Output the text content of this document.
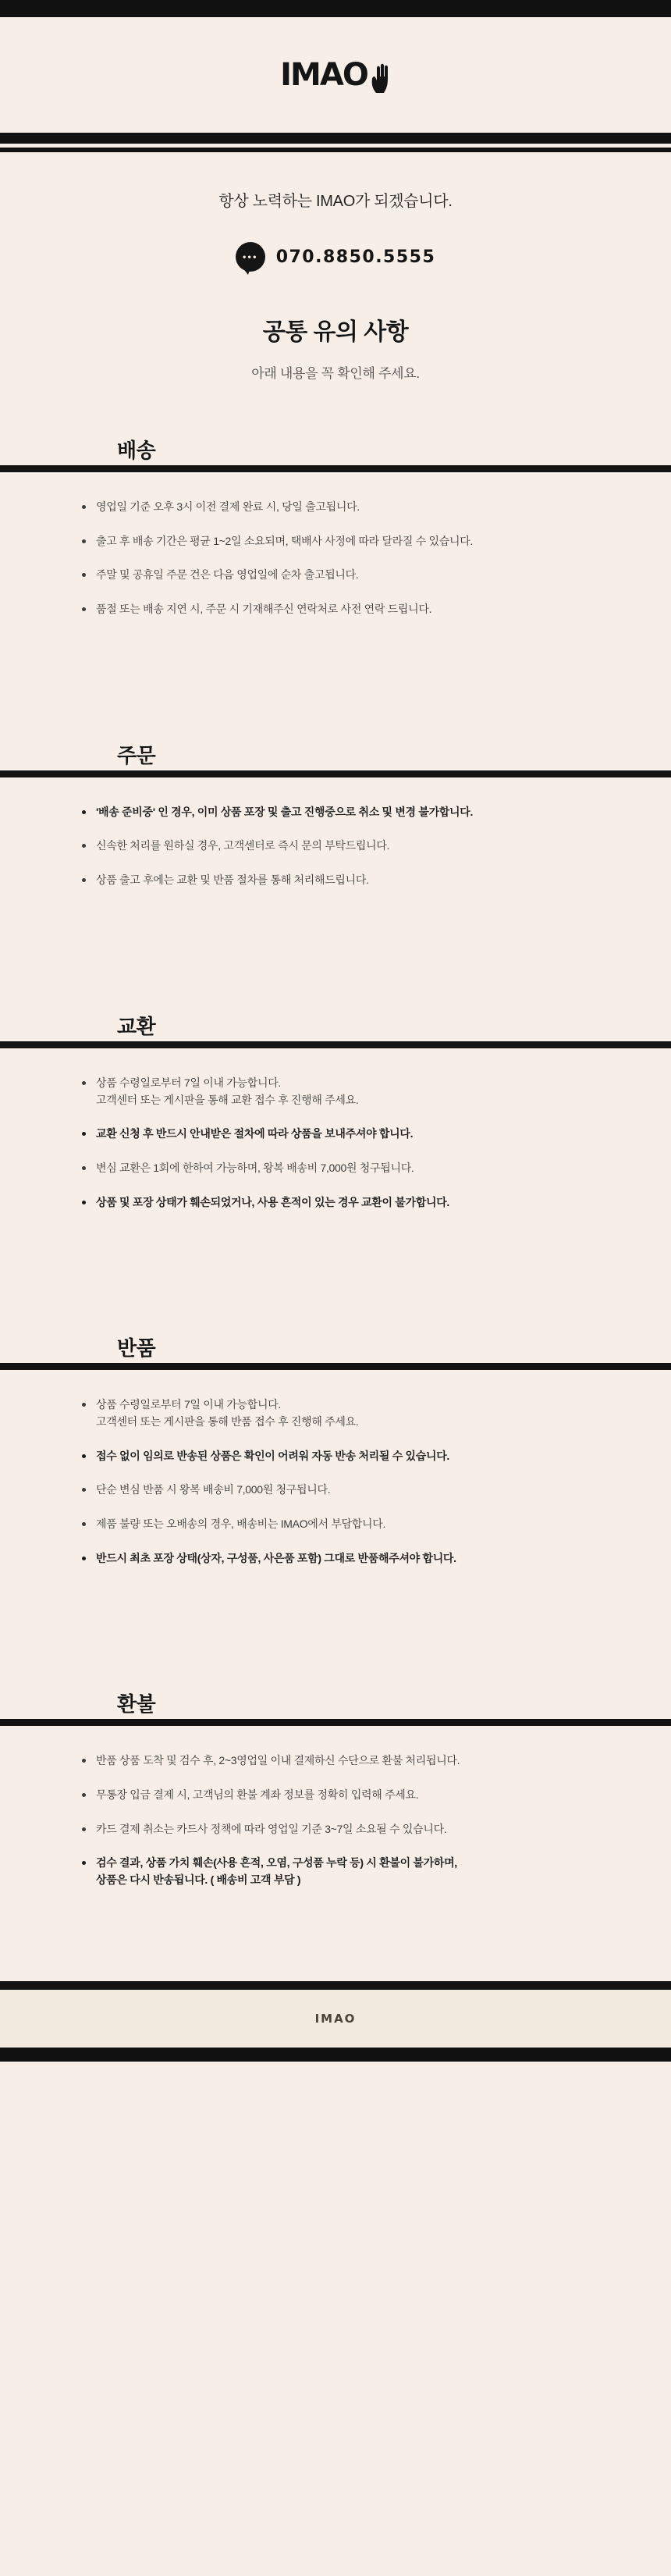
IMAO
항상 노력하는 IMAO가 되겠습니다.
•••	070.8850.5555
공통 유의 사항
아래 내용을 꼭 확인해 주세요.
배송
영업일 기준 오후 3시 이전 결제 완료 시, 당일 출고됩니다.
출고 후 배송 기간은 평균 1~2일 소요되며, 택배사 사정에 따라 달라질 수 있습니다.
주말 및 공휴일 주문 건은 다음 영업일에 순차 출고됩니다.
품절 또는 배송 지연 시, 주문 시 기재해주신 연락처로 사전 연락 드립니다.
주문
'배송 준비중' 인 경우, 이미 상품 포장 및 출고 진행중으로 취소 및 변경 불가합니다.
신속한 처리를 원하실 경우, 고객센터로 즉시 문의 부탁드립니다.
상품 출고 후에는 교환 및 반품 절차를 통해 처리해드립니다.
교환
상품 수령일로부터 7일 이내 가능합니다.
고객센터 또는 게시판을 통해 교환 접수 후 진행해 주세요.
교환 신청 후 반드시 안내받은 절차에 따라 상품을 보내주셔야 합니다.
변심 교환은 1회에 한하여 가능하며, 왕복 배송비 7,000원 청구됩니다.
상품 및 포장 상태가 훼손되었거나, 사용 흔적이 있는 경우 교환이 불가합니다.
반품
상품 수령일로부터 7일 이내 가능합니다.
고객센터 또는 게시판을 통해 반품 접수 후 진행해 주세요.
접수 없이 임의로 반송된 상품은 확인이 어려워 자동 반송 처리될 수 있습니다.
단순 변심 반품 시 왕복 배송비 7,000원 청구됩니다.
제품 불량 또는 오배송의 경우, 배송비는 IMAO에서 부담합니다.
반드시 최초 포장 상태(상자, 구성품, 사은품 포함) 그대로 반품해주셔야 합니다.
환불
반품 상품 도착 및 검수 후, 2~3영업일 이내 결제하신 수단으로 환불 처리됩니다.
무통장 입금 결제 시, 고객님의 환불 계좌 정보를 정확히 입력해 주세요.
카드 결제 취소는 카드사 정책에 따라 영업일 기준 3~7일 소요될 수 있습니다.
검수 결과, 상품 가치 훼손(사용 흔적, 오염, 구성품 누락 등) 시 환불이 불가하며,
상품은 다시 반송됩니다. ( 배송비 고객 부담 )
IMAO
